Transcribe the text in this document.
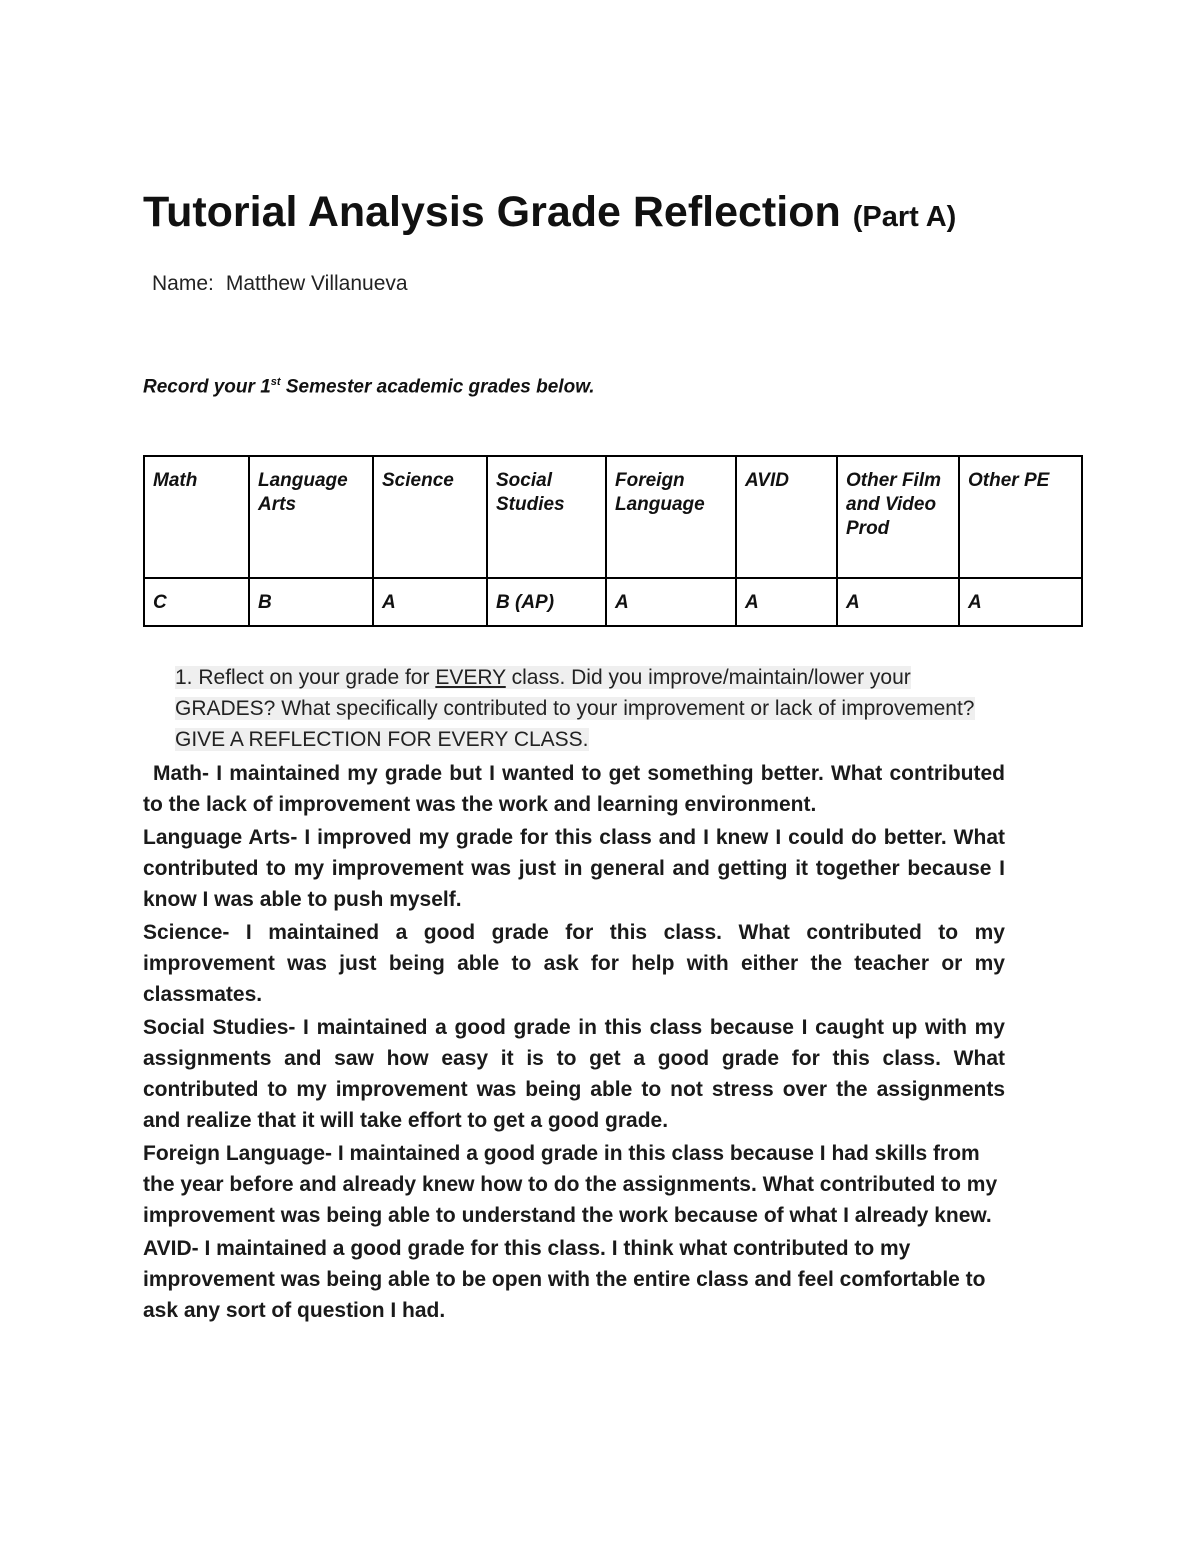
Tutorial Analysis Grade Reflection (Part A)
Name: Matthew Villanueva
Record your 1st Semester academic grades below.
Math	Language Arts	Science	Social Studies	Foreign Language	AVID	Other Film and Video Prod	Other PE
C	B	A	B (AP)	A	A	A	A
1. Reflect on your grade for EVERY class. Did you improve/maintain/lower your GRADES? What specifically contributed to your improvement or lack of improvement? GIVE A REFLECTION FOR EVERY CLASS.

Math- I maintained my grade but I wanted to get something better. What contributed to the lack of improvement was the work and learning environment.

Language Arts- I improved my grade for this class and I knew I could do better. What contributed to my improvement was just in general and getting it together because I know I was able to push myself.

Science- I maintained a good grade for this class. What contributed to my improvement was just being able to ask for help with either the teacher or my classmates.

Social Studies- I maintained a good grade in this class because I caught up with my assignments and saw how easy it is to get a good grade for this class. What contributed to my improvement was being able to not stress over the assignments and realize that it will take effort to get a good grade.

Foreign Language- I maintained a good grade in this class because I had skills from the year before and already knew how to do the assignments. What contributed to my improvement was being able to understand the work because of what I already knew.

AVID- I maintained a good grade for this class. I think what contributed to my improvement was being able to be open with the entire class and feel comfortable to ask any sort of question I had.
